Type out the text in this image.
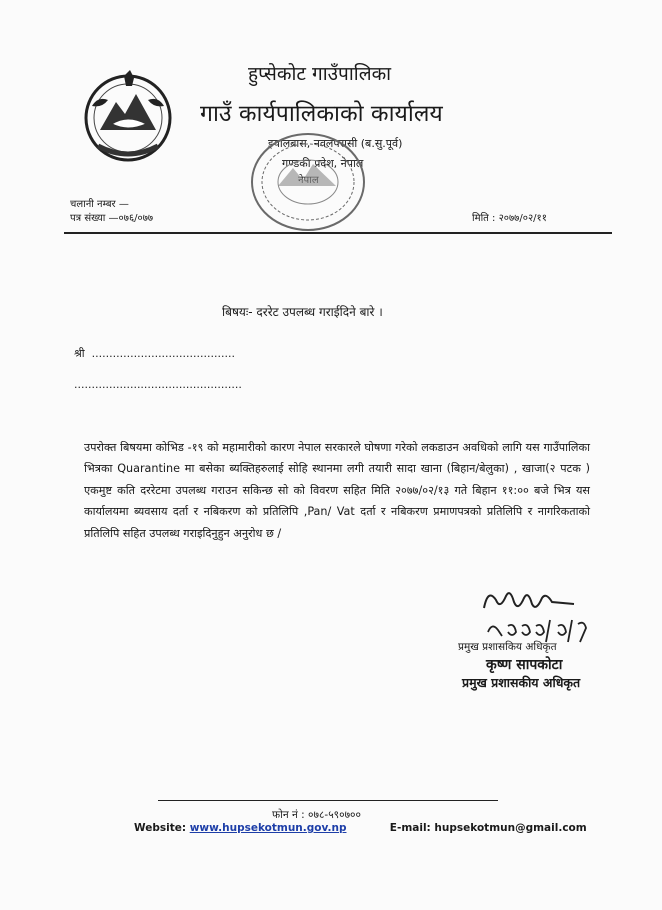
हुप्सेकोट गाउँपालिका
गाउँ कार्यपालिकाको कार्यालय
झ्यालबास, नवलपरासी (ब.सु.पूर्व)
गण्डकी प्रदेश, नेपाल
चलानी नम्बर —
पत्र संख्या —०७६/०७७	मिति : २०७७/०२/११
बिषयः- दररेट उपलब्ध गराईदिने बारे ।
श्री  .........................................
................................................
उपरोक्त बिषयमा कोभिड -१९ को महामारीको कारण नेपाल सरकारले घोषणा गरेको लकडाउन अवधिको लागि यस गाउँपालिका भित्रका Quarantine मा बसेका ब्यक्तिहरुलाई सोहि स्थानमा लगी तयारी सादा खाना (बिहान/बेलुका) , खाजा(२ पटक ) एकमुष्ट कति दररेटमा उपलब्ध गराउन सकिन्छ सो को विवरण सहित मिति २०७७/०२/१३ गते बिहान ११:०० बजे भित्र यस कार्यालयमा ब्यवसाय दर्ता र नबिकरण को प्रतिलिपि ,Pan/ Vat दर्ता र नबिकरण प्रमाणपत्रको प्रतिलिपि र नागरिकताको प्रतिलिपि सहित उपलब्ध गराइदिनुहुन अनुरोध छ /
प्रमुख प्रशासकिय अधिकृत
कृष्ण सापकोटा
प्रमुख प्रशासकीय अधिकृत
फोन नं : ०७८-५९०७००
Website: www.hupsekotmun.gov.np	E-mail: hupsekotmun@gmail.com
